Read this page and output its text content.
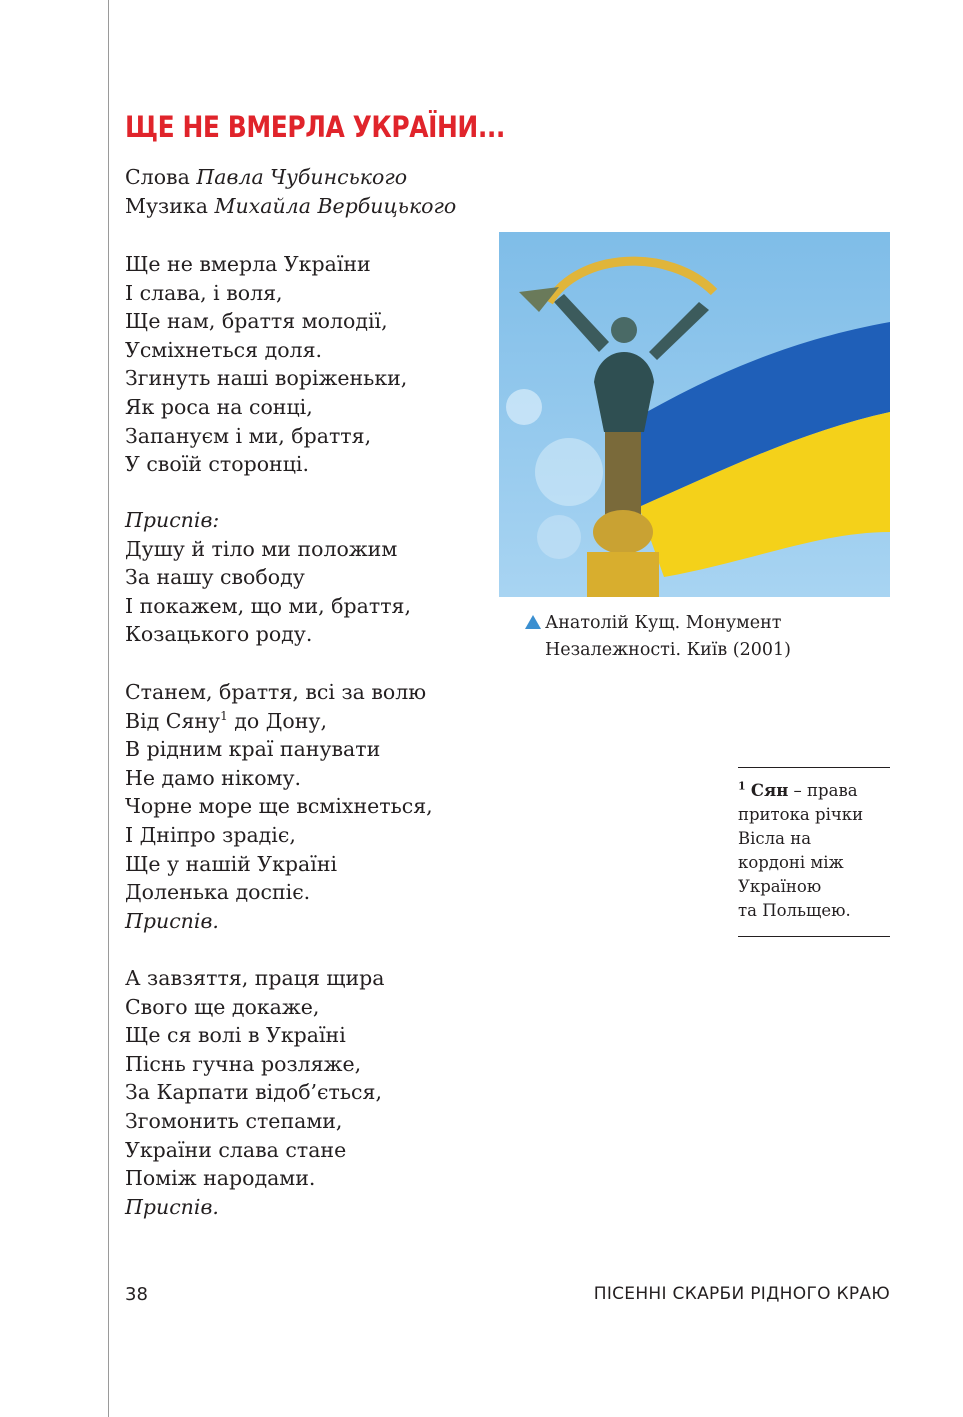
ЩЕ НЕ ВМЕРЛА УКРАЇНИ...
Слова Павла Чубинського
Музика Михайла Вербицького
Ще не вмерла України
І слава, і воля,
Ще нам, браття молодії,
Усміхнеться доля.
Згинуть наші воріженьки,
Як роса на сонці,
Запануєм і ми, браття,
У своїй сторонці.
Приспів:
Душу й тіло ми положим
За нашу свободу
І покажем, що ми, браття,
Козацького роду.
Станем, браття, всі за волю
Від Сяну$^1$ до Дону,
В рідним краї панувати
Не дамо нікому.
Чорне море ще всміхнеться,
І Дніпро зрадіє,
Ще у нашій Україні
Доленька доспіє.
Приспів.
А завзяття, праця щира
Свого ще докаже,
Ще ся волі в Україні
Піснь гучна розляже,
За Карпати відоб’ється,
Згомонить степами,
України слава стане
Поміж народами.
Приспів.
Анатолій Кущ. Монумент
Незалежності. Київ (2001)
$^1$ Сян – права
притока річки
Вісла на
кордоні між
Україною
та Польщею.
38	ПІСЕННІ СКАРБИ РІДНОГО КРАЮ
